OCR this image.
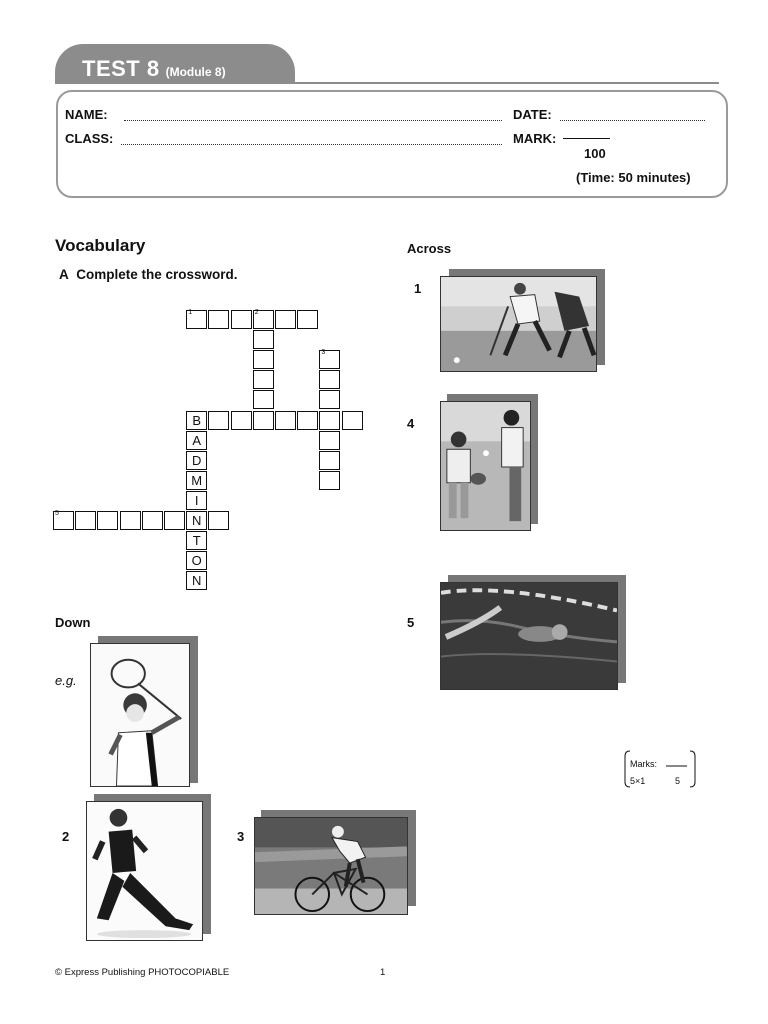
TEST 8 (Module 8)
NAME:	DATE:
CLASS:	MARK:
100
(Time: 50 minutes)
Vocabulary
A Complete the crossword.
1	2
3
B
A
D
M
I
N
T
O
N
5
Across
1
4
5
Down
e.g.
2	3
Marks:
5×1	5
© Express Publishing PHOTOCOPIABLE	1
